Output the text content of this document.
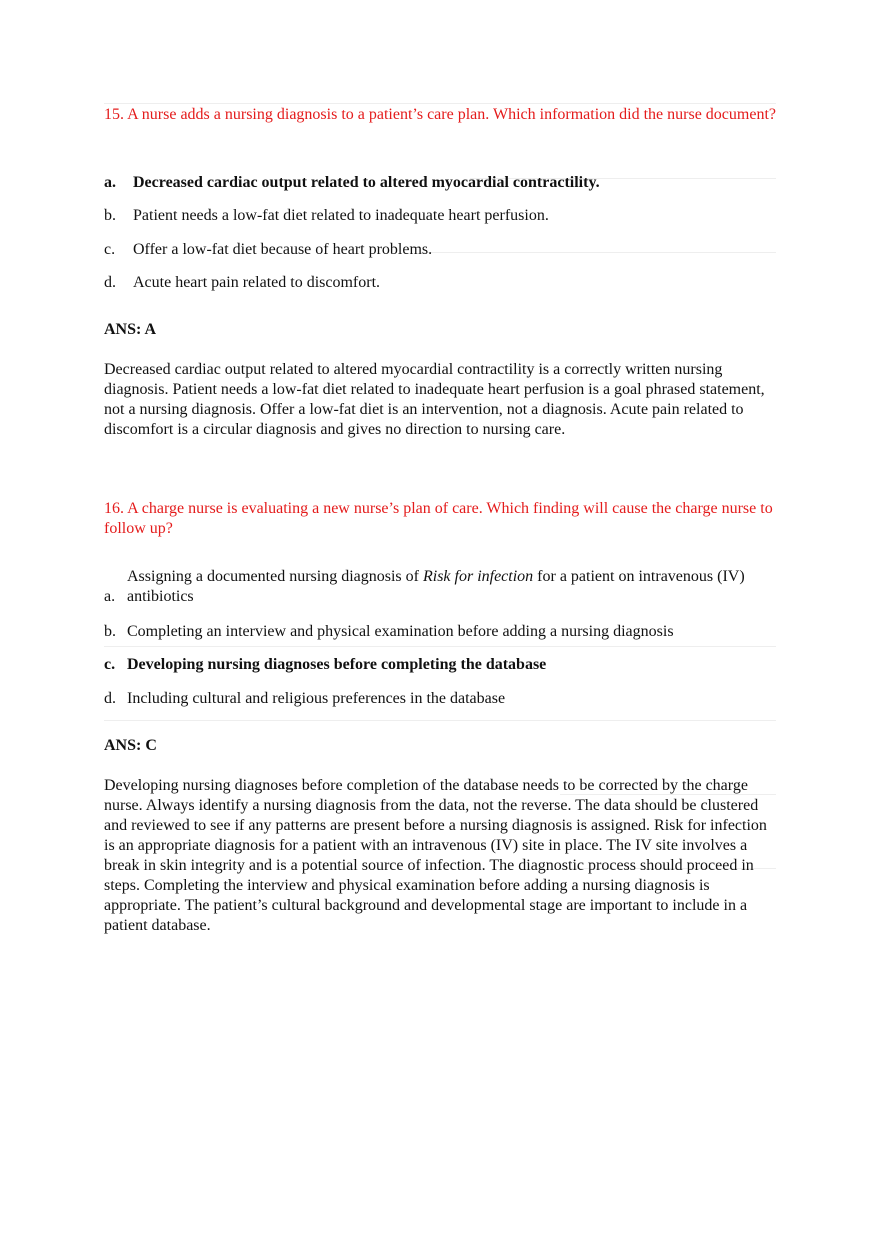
15. A nurse adds a nursing diagnosis to a patient’s care plan. Which information did the nurse document?
a. Decreased cardiac output related to altered myocardial contractility.
b. Patient needs a low-fat diet related to inadequate heart perfusion.
c. Offer a low-fat diet because of heart problems.
d. Acute heart pain related to discomfort.
ANS: A
Decreased cardiac output related to altered myocardial contractility is a correctly written nursing diagnosis. Patient needs a low-fat diet related to inadequate heart perfusion is a goal phrased statement, not a nursing diagnosis. Offer a low-fat diet is an intervention, not a diagnosis. Acute pain related to discomfort is a circular diagnosis and gives no direction to nursing care.
16. A charge nurse is evaluating a new nurse’s plan of care. Which finding will cause the charge nurse to follow up?
a.
Assigning a documented nursing diagnosis of Risk for infection for a patient on intravenous (IV) antibiotics
b. Completing an interview and physical examination before adding a nursing diagnosis
c. Developing nursing diagnoses before completing the database
d. Including cultural and religious preferences in the database
ANS: C
Developing nursing diagnoses before completion of the database needs to be corrected by the charge nurse. Always identify a nursing diagnosis from the data, not the reverse. The data should be clustered and reviewed to see if any patterns are present before a nursing diagnosis is assigned. Risk for infection is an appropriate diagnosis for a patient with an intravenous (IV) site in place. The IV site involves a break in skin integrity and is a potential source of infection. The diagnostic process should proceed in steps. Completing the interview and physical examination before adding a nursing diagnosis is appropriate. The patient’s cultural background and developmental stage are important to include in a patient database.
